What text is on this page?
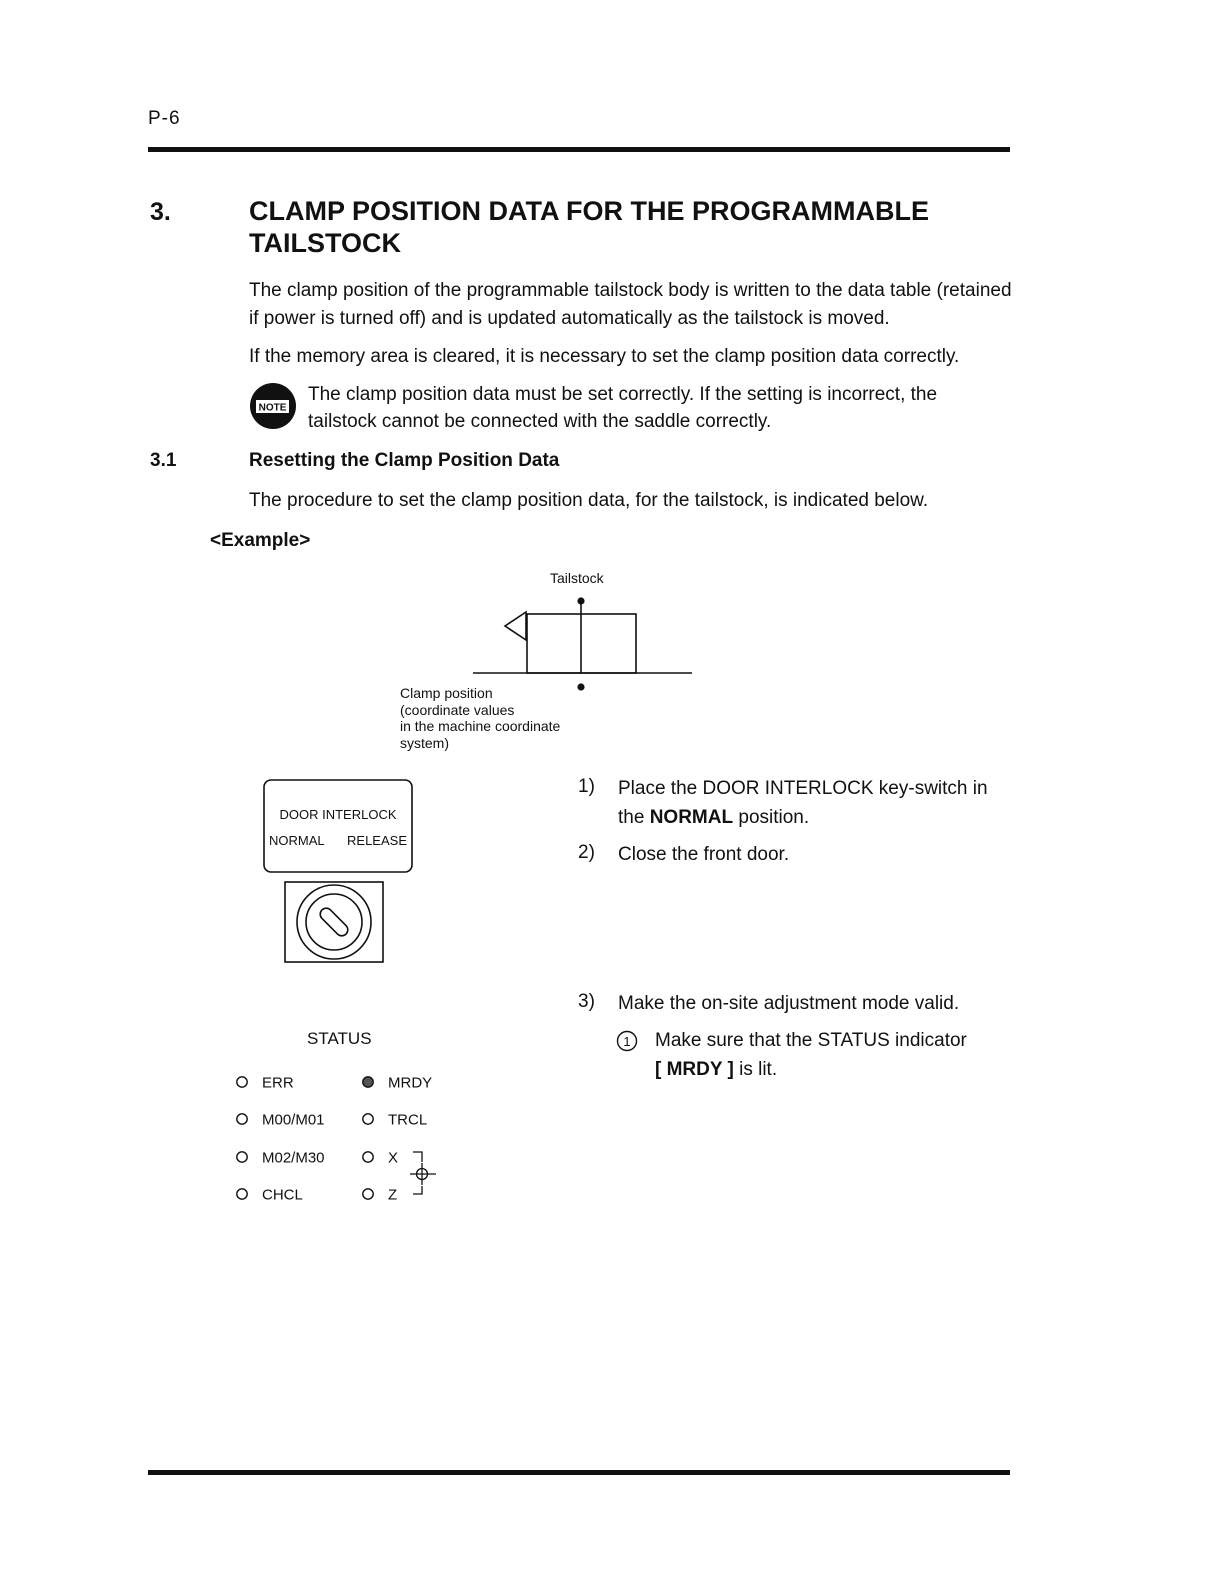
P-6
3.	CLAMP POSITION DATA FOR THE PROGRAMMABLE
TAILSTOCK
The clamp position of the programmable tailstock body is written to the data table (retained
if power is turned off) and is updated automatically as the tailstock is moved.
If the memory area is cleared, it is necessary to set the clamp position data correctly.
NOTE
The clamp position data must be set correctly. If the setting is incorrect, the
tailstock cannot be connected with the saddle correctly.
3.1	Resetting the Clamp Position Data
The procedure to set the clamp position data, for the tailstock, is indicated below.
<Example>
Tailstock
Clamp position
(coordinate values
in the machine coordinate
system)
DOOR INTERLOCK
NORMAL RELEASE
1) Place the DOOR INTERLOCK key-switch in
the NORMAL position.
2) Close the front door.
3) Make the on-site adjustment mode valid.
1 Make sure that the STATUS indicator
[ MRDY ] is lit.
STATUS
ERR
M00/M01
M02/M30
CHCL
MRDY
TRCL
X
Z
